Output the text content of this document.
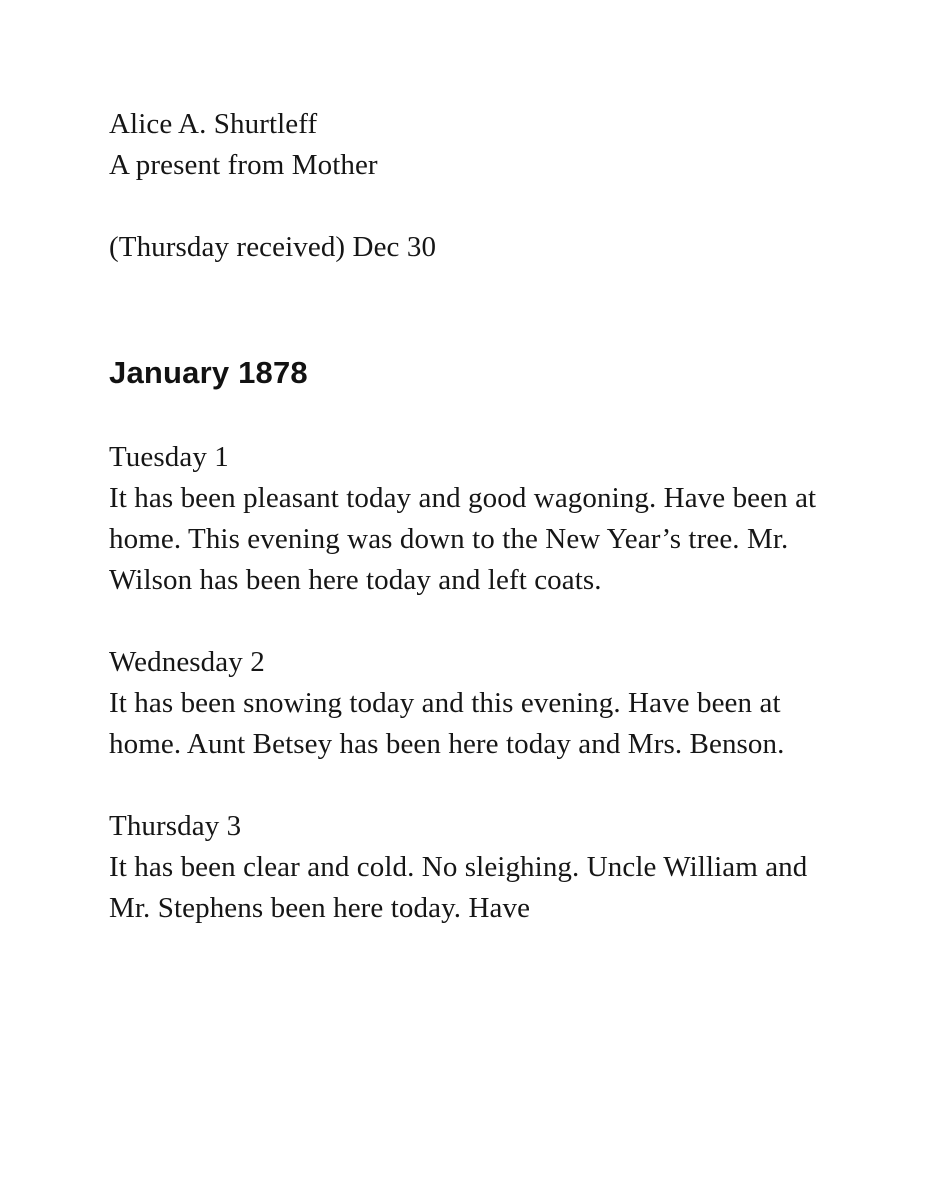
Alice A. Shurtleff

A present from Mother

(Thursday received) Dec 30

January 1878

Tuesday 1

It has been pleasant today and good wagoning. Have been at home. This evening was down to the New Year’s tree. Mr. Wilson has been here today and left coats.

Wednesday 2

It has been snowing today and this evening. Have been at home. Aunt Betsey has been here today and Mrs. Benson.

Thursday 3

It has been clear and cold. No sleighing. Uncle William and Mr. Stephens been here today. Have
